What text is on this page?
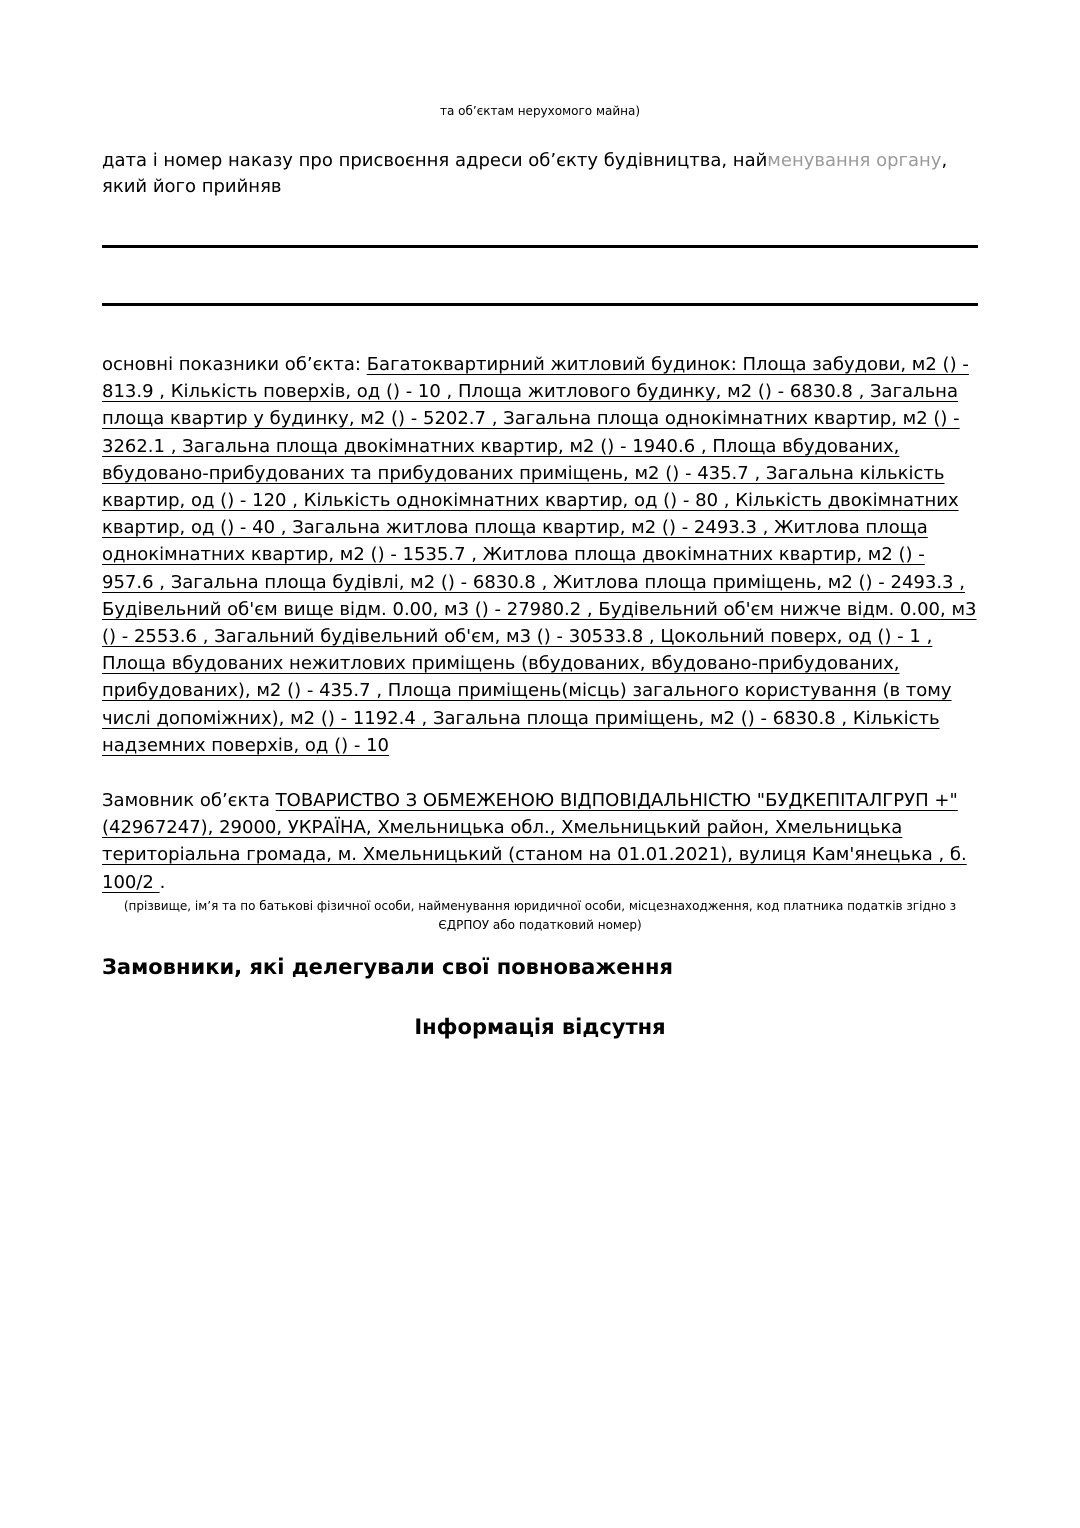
та об’єктам нерухомого майна)
дата і номер наказу про присвоєння адреси об’єкту будівництва, найменування органу, який його прийняв
основні показники об’єкта: Багатоквартирний житловий будинок: Площа забудови, м2 () - 813.9 , Кількість поверхів, од () - 10 , Площа житлового будинку, м2 () - 6830.8 , Загальна площа квартир у будинку, м2 () - 5202.7 , Загальна площа однокімнатних квартир, м2 () - 3262.1 , Загальна площа двокімнатних квартир, м2 () - 1940.6 , Площа вбудованих, вбудовано-прибудованих та прибудованих приміщень, м2 () - 435.7 , Загальна кількість квартир, од () - 120 , Кількість однокімнатних квартир, од () - 80 , Кількість двокімнатних квартир, од () - 40 , Загальна житлова площа квартир, м2 () - 2493.3 , Житлова площа однокімнатних квартир, м2 () - 1535.7 , Житлова площа двокімнатних квартир, м2 () - 957.6 , Загальна площа будівлі, м2 () - 6830.8 , Житлова площа приміщень, м2 () - 2493.3 , Будівельний об'єм вище відм. 0.00, м3 () - 27980.2 , Будівельний об'єм нижче відм. 0.00, м3 () - 2553.6 , Загальний будівельний об'єм, м3 () - 30533.8 , Цокольний поверх, од () - 1 , Площа вбудованих нежитлових приміщень (вбудованих, вбудовано-прибудованих, прибудованих), м2 () - 435.7 , Площа приміщень(місць) загального користування (в тому числі допоміжних), м2 () - 1192.4 , Загальна площа приміщень, м2 () - 6830.8 , Кількість надземних поверхів, од () - 10
Замовник об’єкта ТОВАРИСТВО З ОБМЕЖЕНОЮ ВІДПОВІДАЛЬНІСТЮ "БУДКЕПІТАЛГРУП +" (42967247), 29000, УКРАЇНА, Хмельницька обл., Хмельницький район, Хмельницька територіальна громада, м. Хмельницький (станом на 01.01.2021), вулиця Кам'янецька , б. 100/2 .
(прізвище, ім’я та по батькові фізичної особи, найменування юридичної особи, місцезнаходження, код платника податків згідно з ЄДРПОУ або податковий номер)
Замовники, які делегували свої повноваження
Інформація відсутня
